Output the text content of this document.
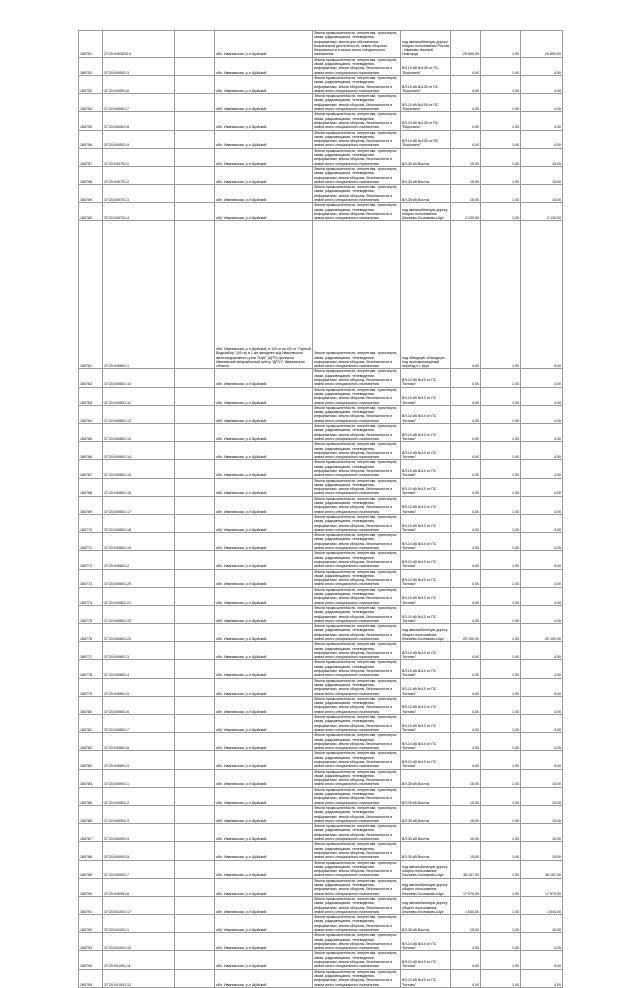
165751	27:20:0403033:4		обл. Ивановская, р-н Шуйский	Земли промышленности, энергетики, транспорта, связи, радиовещания, телевидения, информатики, земли для обеспечения космической деятельности, земли обороны, безопасности и земли иного специального назначения	под автомобильную дорогу общего пользования Ростов - Иваново-Нижний Новгород	20 690,00	1,00	20 690,00
165752	37:20:040501:3		обл. Ивановская, р-н Шуйский	Земли промышленности, энергетики, транспорта, связи, радиовещания, телевидения, информатики, земли обороны, безопасности и земли иного специального назначения	ВЛ-10 кВ №105 от ПС "Воронино"	4,00	1,00	4,00
165753	37:20:040501:6		обл. Ивановская, р-н Шуйский	Земли промышленности, энергетики, транспорта, связи, радиовещания, телевидения, информатики, земли обороны, безопасности и земли иного специального назначения	ВЛ-10 кВ №105 от ПС "Воронино"	4,00	1,00	4,00
165754	37:20:040501:7		обл. Ивановская, р-н Шуйский	Земли промышленности, энергетики, транспорта, связи, радиовещания, телевидения, информатики, земли обороны, безопасности и земли иного специального назначения	ВЛ-10 кВ №105 от ПС "Воронино"	4,00	1,00	4,00
165755	37:20:040501:8		обл. Ивановская, р-н Шуйский	Земли промышленности, энергетики, транспорта, связи, радиовещания, телевидения, информатики, земли обороны, безопасности и земли иного специального назначения	ВЛ-10 кВ №105 от ПС "Воронино"	4,00	1,00	4,00
165756	37:20:040501:9		обл. Ивановская, р-н Шуйский	Земли промышленности, энергетики, транспорта, связи, радиовещания, телевидения, информатики, земли обороны, безопасности и земли иного специального назначения	ВЛ-10 кВ №105 от ПС "Воронино"	4,00	1,00	4,00
165757	37:20:040701:1		обл. Ивановская, р-н Шуйский	Земли промышленности, энергетики, транспорта, связи, радиовещания, телевидения, информатики, земли обороны, безопасности и земли иного специального назначения	ВЛ-35 кВ Восток	15,00	1,00	15,00
165758	37:20:040701:2		обл. Ивановская, р-н Шуйский	Земли промышленности, энергетики, транспорта, связи, радиовещания, телевидения, информатики, земли обороны, безопасности и земли иного специального назначения	ВЛ-35 кВ Восток	15,00	1,00	15,00
165759	37:20:040701:3		обл. Ивановская, р-н Шуйский	Земли промышленности, энергетики, транспорта, связи, радиовещания, телевидения, информатики, земли обороны, безопасности и земли иного специального назначения	ВЛ-35 кВ Восток	15,00	1,00	15,00
165760	37:20:040701:4		обл. Ивановская, р-н Шуйский	Земли промышленности, энергетики, транспорта, связи, радиовещания, телевидения, информатики, земли обороны, безопасности и земли иного специального назначения	под автомобильную дорогу общего пользования Лежнево-Хозниково-Шуя	2 130,00	1,00	2 130,00
165761	37:20:040801:1		обл. Ивановская, р-н Шуйский, в 100 м на СВ от "Горный Водозабор" (49 га) в 1 км западнее ж/д Ивановского железнодорожного узла "Шуя" (ЦРП) филиала Ивановский межрайонный центр "ДРСУ" Ивановская область	Земли промышленности, энергетики, транспорта, связи, радиовещания, телевидения, информатики, земли обороны, безопасности и земли иного специального назначения	под обводную объездную, под противопожарный переезд к г. Шуя	4,00	1,00	4,00
165762	37:20:040801:10		обл. Ивановская, р-н Шуйский	Земли промышленности, энергетики, транспорта, связи, радиовещания, телевидения, информатики, земли обороны, безопасности и земли иного специального назначения	ВЛ-10 кВ №10 от ПС "Китово"	4,00	1,00	4,00
165763	37:20:040801:11		обл. Ивановская, р-н Шуйский	Земли промышленности, энергетики, транспорта, связи, радиовещания, телевидения, информатики, земли обороны, безопасности и земли иного специального назначения	ВЛ-10 кВ №10 от ПС "Китово"	4,00	1,00	4,00
165764	37:20:040801:12		обл. Ивановская, р-н Шуйский	Земли промышленности, энергетики, транспорта, связи, радиовещания, телевидения, информатики, земли обороны, безопасности и земли иного специального назначения	ВЛ-10 кВ №10 от ПС "Китово"	4,00	1,00	4,00
165765	37:20:040801:13		обл. Ивановская, р-н Шуйский	Земли промышленности, энергетики, транспорта, связи, радиовещания, телевидения, информатики, земли обороны, безопасности и земли иного специального назначения	ВЛ-10 кВ №10 от ПС "Китово"	4,00	1,00	4,00
165766	37:20:040801:14		обл. Ивановская, р-н Шуйский	Земли промышленности, энергетики, транспорта, связи, радиовещания, телевидения, информатики, земли обороны, безопасности и земли иного специального назначения	ВЛ-10 кВ №10 от ПС "Китово"	4,00	1,00	4,00
165767	37:20:040801:15		обл. Ивановская, р-н Шуйский	Земли промышленности, энергетики, транспорта, связи, радиовещания, телевидения, информатики, земли обороны, безопасности и земли иного специального назначения	ВЛ-10 кВ №10 от ПС "Китово"	4,00	1,00	4,00
165768	37:20:040801:16		обл. Ивановская, р-н Шуйский	Земли промышленности, энергетики, транспорта, связи, радиовещания, телевидения, информатики, земли обороны, безопасности и земли иного специального назначения	ВЛ-10 кВ №10 от ПС "Китово"	4,00	1,00	4,00
165769	37:20:040801:17		обл. Ивановская, р-н Шуйский	Земли промышленности, энергетики, транспорта, связи, радиовещания, телевидения, информатики, земли обороны, безопасности и земли иного специального назначения	ВЛ-10 кВ №10 от ПС "Китово"	4,00	1,00	4,00
165770	37:20:040801:18		обл. Ивановская, р-н Шуйский	Земли промышленности, энергетики, транспорта, связи, радиовещания, телевидения, информатики, земли обороны, безопасности и земли иного специального назначения	ВЛ-10 кВ №10 от ПС "Китово"	4,00	1,00	4,00
165771	37:20:040801:19		обл. Ивановская, р-н Шуйский	Земли промышленности, энергетики, транспорта, связи, радиовещания, телевидения, информатики, земли обороны, безопасности и земли иного специального назначения	ВЛ-10 кВ №10 от ПС "Китово"	4,00	1,00	4,00
165772	37:20:040801:2		обл. Ивановская, р-н Шуйский	Земли промышленности, энергетики, транспорта, связи, радиовещания, телевидения, информатики, земли обороны, безопасности и земли иного специального назначения	ВЛ-10 кВ №10 от ПС "Китово"	4,00	1,00	4,00
165773	37:20:040801:20		обл. Ивановская, р-н Шуйский	Земли промышленности, энергетики, транспорта, связи, радиовещания, телевидения, информатики, земли обороны, безопасности и земли иного специального назначения	ВЛ-10 кВ №10 от ПС "Китово"	4,00	1,00	4,00
165774	37:20:040801:21		обл. Ивановская, р-н Шуйский	Земли промышленности, энергетики, транспорта, связи, радиовещания, телевидения, информатики, земли обороны, безопасности и земли иного специального назначения	ВЛ-10 кВ №10 от ПС "Китово"	4,00	1,00	4,00
165775	37:20:040801:22		обл. Ивановская, р-н Шуйский	Земли промышленности, энергетики, транспорта, связи, радиовещания, телевидения, информатики, земли обороны, безопасности и земли иного специального назначения	ВЛ-10 кВ №10 от ПС "Китово"	4,00	1,00	4,00
165776	37:20:040801:23		обл. Ивановская, р-н Шуйский	Земли промышленности, энергетики, транспорта, связи, радиовещания, телевидения, информатики, земли обороны, безопасности и земли иного специального назначения	под автомобильную дорогу общего пользования Лежнево-Хозниково-Шуя	20 100,00	1,00	20 100,00
165777	37:20:040801:3		обл. Ивановская, р-н Шуйский	Земли промышленности, энергетики, транспорта, связи, радиовещания, телевидения, информатики, земли обороны, безопасности и земли иного специального назначения	ВЛ-10 кВ №10 от ПС "Китово"	4,00	1,00	4,00
165778	37:20:040801:4		обл. Ивановская, р-н Шуйский	Земли промышленности, энергетики, транспорта, связи, радиовещания, телевидения, информатики, земли обороны, безопасности и земли иного специального назначения	ВЛ-10 кВ №10 от ПС "Китово"	4,00	1,00	4,00
165779	37:20:040801:5		обл. Ивановская, р-н Шуйский	Земли промышленности, энергетики, транспорта, связи, радиовещания, телевидения, информатики, земли обороны, безопасности и земли иного специального назначения	ВЛ-10 кВ №10 от ПС "Китово"	4,00	1,00	4,00
165780	37:20:040801:6		обл. Ивановская, р-н Шуйский	Земли промышленности, энергетики, транспорта, связи, радиовещания, телевидения, информатики, земли обороны, безопасности и земли иного специального назначения	ВЛ-10 кВ №10 от ПС "Китово"	4,00	1,00	4,00
165781	37:20:040801:7		обл. Ивановская, р-н Шуйский	Земли промышленности, энергетики, транспорта, связи, радиовещания, телевидения, информатики, земли обороны, безопасности и земли иного специального назначения	ВЛ-10 кВ №10 от ПС "Китово"	4,00	1,00	4,00
165782	37:20:040801:8		обл. Ивановская, р-н Шуйский	Земли промышленности, энергетики, транспорта, связи, радиовещания, телевидения, информатики, земли обороны, безопасности и земли иного специального назначения	ВЛ-10 кВ №10 от ПС "Китово"	4,00	1,00	4,00
165783	37:20:040801:9		обл. Ивановская, р-н Шуйский	Земли промышленности, энергетики, транспорта, связи, радиовещания, телевидения, информатики, земли обороны, безопасности и земли иного специального назначения	ВЛ-10 кВ №10 от ПС "Китово"	4,00	1,00	4,00
165784	37:20:040901:1		обл. Ивановская, р-н Шуйский	Земли промышленности, энергетики, транспорта, связи, радиовещания, телевидения, информатики, земли обороны, безопасности и земли иного специального назначения	ВЛ-35 кВ Восток	15,00	1,00	15,00
165785	37:20:040901:2		обл. Ивановская, р-н Шуйский	Земли промышленности, энергетики, транспорта, связи, радиовещания, телевидения, информатики, земли обороны, безопасности и земли иного специального назначения	ВЛ-35 кВ Восток	15,00	1,00	15,00
165786	37:20:040901:3		обл. Ивановская, р-н Шуйский	Земли промышленности, энергетики, транспорта, связи, радиовещания, телевидения, информатики, земли обороны, безопасности и земли иного специального назначения	ВЛ-35 кВ Восток	15,00	1,00	15,00
165787	37:20:040901:4		обл. Ивановская, р-н Шуйский	Земли промышленности, энергетики, транспорта, связи, радиовещания, телевидения, информатики, земли обороны, безопасности и земли иного специального назначения	ВЛ-35 кВ Восток	15,00	1,00	15,00
165788	37:20:040901:5		обл. Ивановская, р-н Шуйский	Земли промышленности, энергетики, транспорта, связи, радиовещания, телевидения, информатики, земли обороны, безопасности и земли иного специального назначения	ВЛ-35 кВ Восток	15,00	1,00	15,00
165789	37:20:040901:7		обл. Ивановская, р-н Шуйский	Земли промышленности, энергетики, транспорта, связи, радиовещания, телевидения, информатики, земли обороны, безопасности и земли иного специального назначения	под автомобильную дорогу общего пользования Лежнево-Хозниково-Шуя	36 157,00	1,00	36 157,00
165790	37:20:040901:8		обл. Ивановская, р-н Шуйский	Земли промышленности, энергетики, транспорта, связи, радиовещания, телевидения, информатики, земли обороны, безопасности и земли иного специального назначения	под автомобильную дорогу общего пользования Лежнево-Хозниково-Шуя	17 970,00	1,00	17 970,00
165791	37:20:041001:17		обл. Ивановская, р-н Шуйский	Земли промышленности, энергетики, транспорта, связи, радиовещания, телевидения, информатики, земли обороны, безопасности и земли иного специального назначения	под автомобильную дорогу общего пользования Лежнево-Хозниково-Шуя	1 644,00	1,00	1 644,00
165792	37:20:041001:1		обл. Ивановская, р-н Шуйский	Земли промышленности, энергетики, транспорта, связи, радиовещания, телевидения, информатики, земли обороны, безопасности и земли иного специального назначения	ВЛ-35 кВ Восток	15,00	1,00	15,00
165793	37:20:041001:10		обл. Ивановская, р-н Шуйский	Земли промышленности, энергетики, транспорта, связи, радиовещания, телевидения, информатики, земли обороны, безопасности и земли иного специального назначения	ВЛ-10 кВ №10 от ПС "Китово"	4,00	1,00	4,00
165794	37:20:041001:11		обл. Ивановская, р-н Шуйский	Земли промышленности, энергетики, транспорта, связи, радиовещания, телевидения, информатики, земли обороны, безопасности и земли иного специального назначения	ВЛ-10 кВ №10 от ПС "Китово"	4,00	1,00	4,00
165795	37:20:041001:12		обл. Ивановская, р-н Шуйский	Земли промышленности, энергетики, транспорта, связи, радиовещания, телевидения, информатики, земли обороны, безопасности и земли иного специального назначения	ВЛ-10 кВ №10 от ПС "Китово"	4,00	1,00	4,00
